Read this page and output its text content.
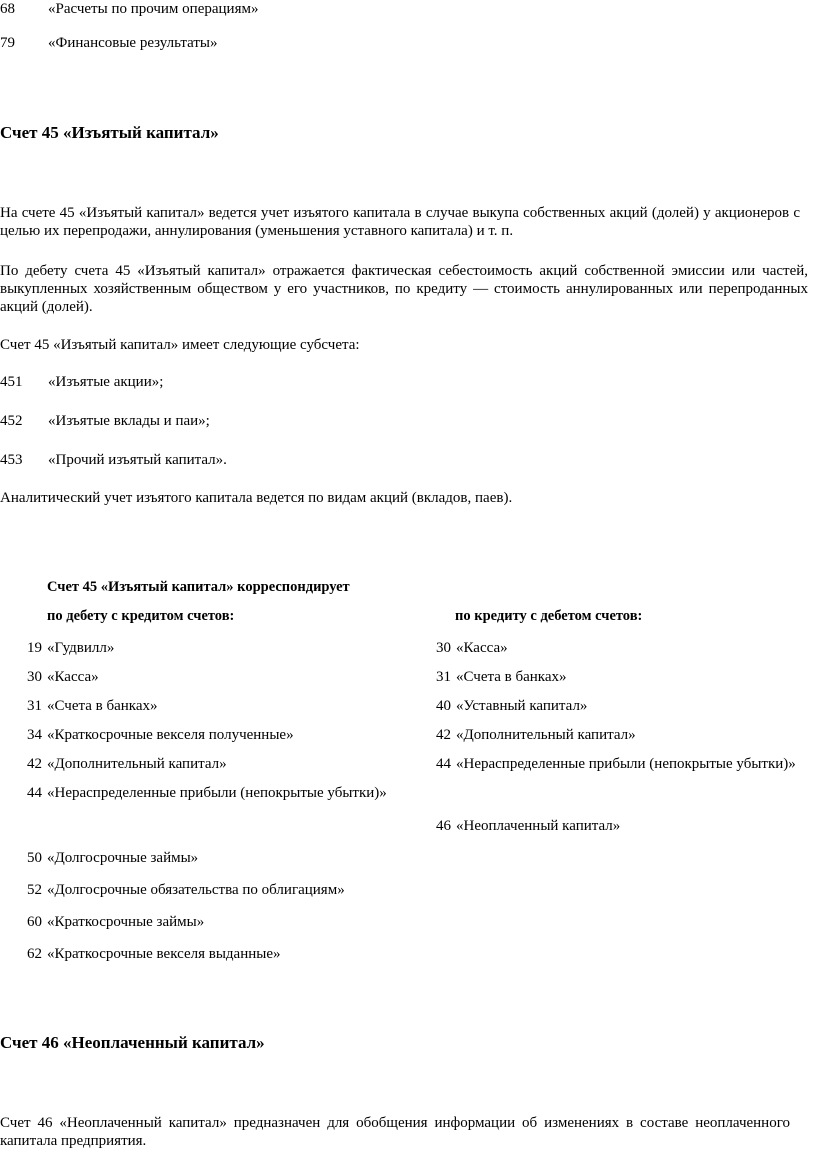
68 «Расчеты по прочим операциям»
79 «Финансовые результаты»
Счет 45 «Изъятый капитал»
На счете 45 «Изъятый капитал» ведется учет изъятого капитала в случае выкупа собственных акций (долей) у акционеров с целью их перепродажи, аннулирования (уменьшения уставного капитала) и т. п.
По дебету счета 45 «Изъятый капитал» отражается фактическая себестоимость акций собственной эмиссии или частей, выкупленных хозяйственным обществом у его участников, по кредиту — стоимость аннулированных или перепроданных акций (долей).
Счет 45 «Изъятый капитал» имеет следующие субсчета:
451 «Изъятые акции»;
452 «Изъятые вклады и паи»;
453 «Прочий изъятый капитал».
Аналитический учет изъятого капитала ведется по видам акций (вкладов, паев).
Счет 45 «Изъятый капитал» корреспондирует
по дебету с кредитом счетов:	по кредиту с дебетом счетов:
19 «Гудвилл»
30 «Касса»
31 «Счета в банках»
34 «Краткосрочные векселя полученные»
42 «Дополнительный капитал»
44 «Нераспределенные прибыли (непокрытые убытки)»
50 «Долгосрочные займы»
52 «Долгосрочные обязательства по облигациям»
60 «Краткосрочные займы»
62 «Краткосрочные векселя выданные»
30 «Касса»
31 «Счета в банках»
40 «Уставный капитал»
42 «Дополнительный капитал»
44 «Нераспределенные прибыли (непокрытые убытки)»
46 «Неоплаченный капитал»
Счет 46 «Неоплаченный капитал»
Счет 46 «Неоплаченный капитал» предназначен для обобщения информации об изменениях в составе неоплаченного капитала предприятия.
